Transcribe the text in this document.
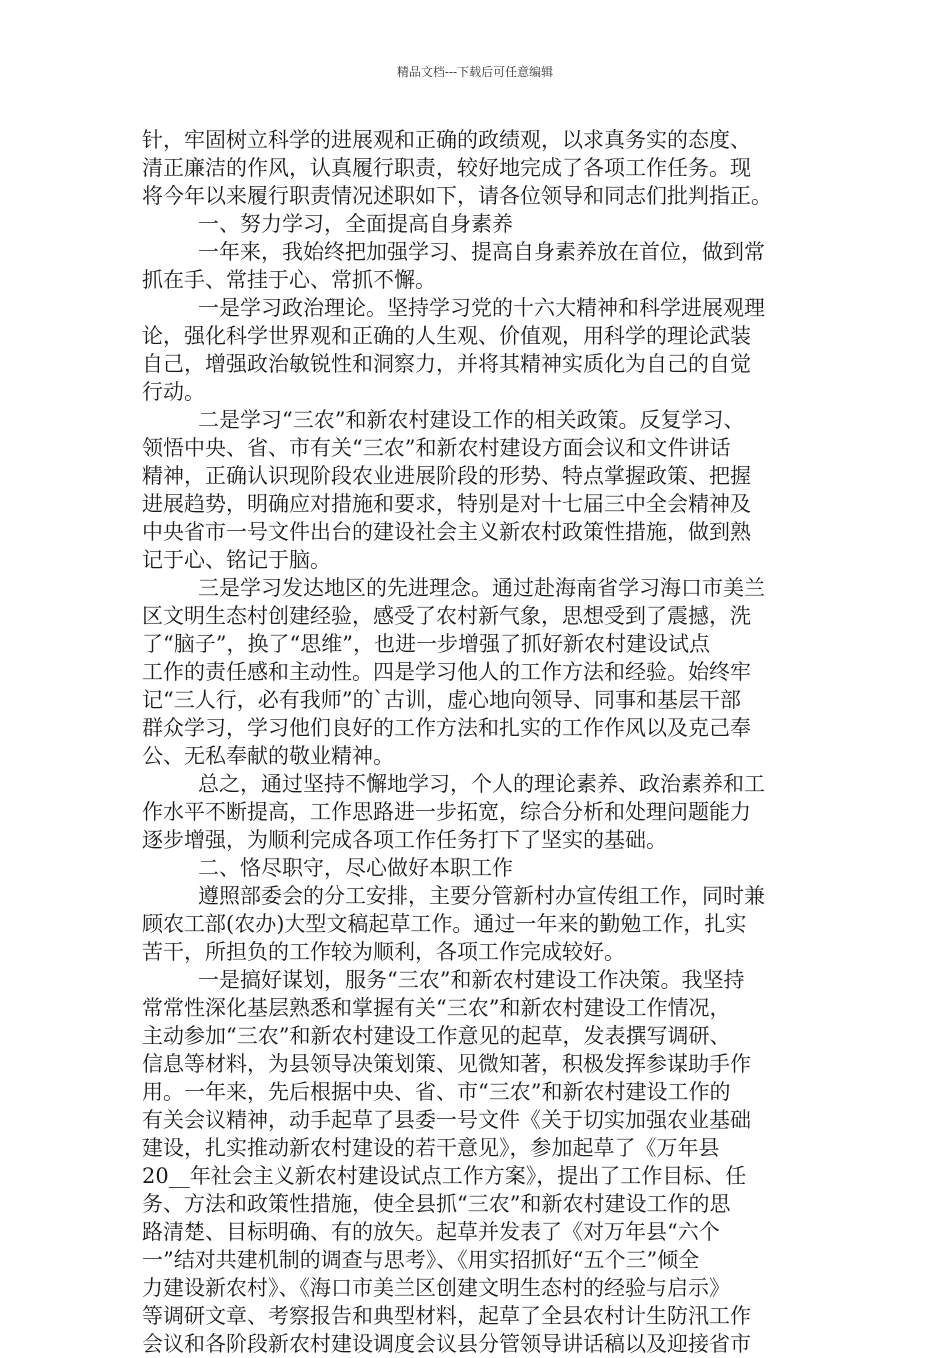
精品文档---下载后可任意编辑
针，牢固树立科学的进展观和正确的政绩观，以求真务实的态度、
清正廉洁的作风，认真履行职责，较好地完成了各项工作任务。现
将今年以来履行职责情况述职如下，请各位领导和同志们批判指正。
一、努力学习，全面提高自身素养
一年来，我始终把加强学习、提高自身素养放在首位，做到常
抓在手、常挂于心、常抓不懈。
一是学习政治理论。坚持学习党的十六大精神和科学进展观理
论，强化科学世界观和正确的人生观、价值观，用科学的理论武装
自己，增强政治敏锐性和洞察力，并将其精神实质化为自己的自觉
行动。
二是学习“三农”和新农村建设工作的相关政策。反复学习、
领悟中央、省、市有关“三农”和新农村建设方面会议和文件讲话
精神，正确认识现阶段农业进展阶段的形势、特点掌握政策、把握
进展趋势，明确应对措施和要求，特别是对十七届三中全会精神及
中央省市一号文件出台的建设社会主义新农村政策性措施，做到熟
记于心、铭记于脑。
三是学习发达地区的先进理念。通过赴海南省学习海口市美兰
区文明生态村创建经验，感受了农村新气象，思想受到了震撼，洗
了“脑子”，换了“思维”，也进一步增强了抓好新农村建设试点
工作的责任感和主动性。四是学习他人的工作方法和经验。始终牢
记“三人行，必有我师”的`古训，虚心地向领导、同事和基层干部
群众学习，学习他们良好的工作方法和扎实的工作作风以及克己奉
公、无私奉献的敬业精神。
总之，通过坚持不懈地学习，个人的理论素养、政治素养和工
作水平不断提高，工作思路进一步拓宽，综合分析和处理问题能力
逐步增强，为顺利完成各项工作任务打下了坚实的基础。
二、恪尽职守，尽心做好本职工作
遵照部委会的分工安排，主要分管新村办宣传组工作，同时兼
顾农工部(农办)大型文稿起草工作。通过一年来的勤勉工作，扎实
苦干，所担负的工作较为顺利，各项工作完成较好。
一是搞好谋划，服务“三农”和新农村建设工作决策。我坚持
常常性深化基层熟悉和掌握有关“三农”和新农村建设工作情况，
主动参加“三农”和新农村建设工作意见的起草，发表撰写调研、
信息等材料，为县领导决策划策、见微知著，积极发挥参谋助手作
用。一年来，先后根据中央、省、市“三农”和新农村建设工作的
有关会议精神，动手起草了县委一号文件《关于切实加强农业基础
建设，扎实推动新农村建设的若干意见》，参加起草了《万年县
20__年社会主义新农村建设试点工作方案》，提出了工作目标、任
务、方法和政策性措施，使全县抓“三农”和新农村建设工作的思
路清楚、目标明确、有的放矢。起草并发表了《对万年县“六个
一”结对共建机制的调查与思考》、《用实招抓好“五个三”倾全
力建设新农村》、《海口市美兰区创建文明生态村的经验与启示》
等调研文章、考察报告和典型材料，起草了全县农村计生防汛工作
会议和各阶段新农村建设调度会议县分管领导讲话稿以及迎接省市
